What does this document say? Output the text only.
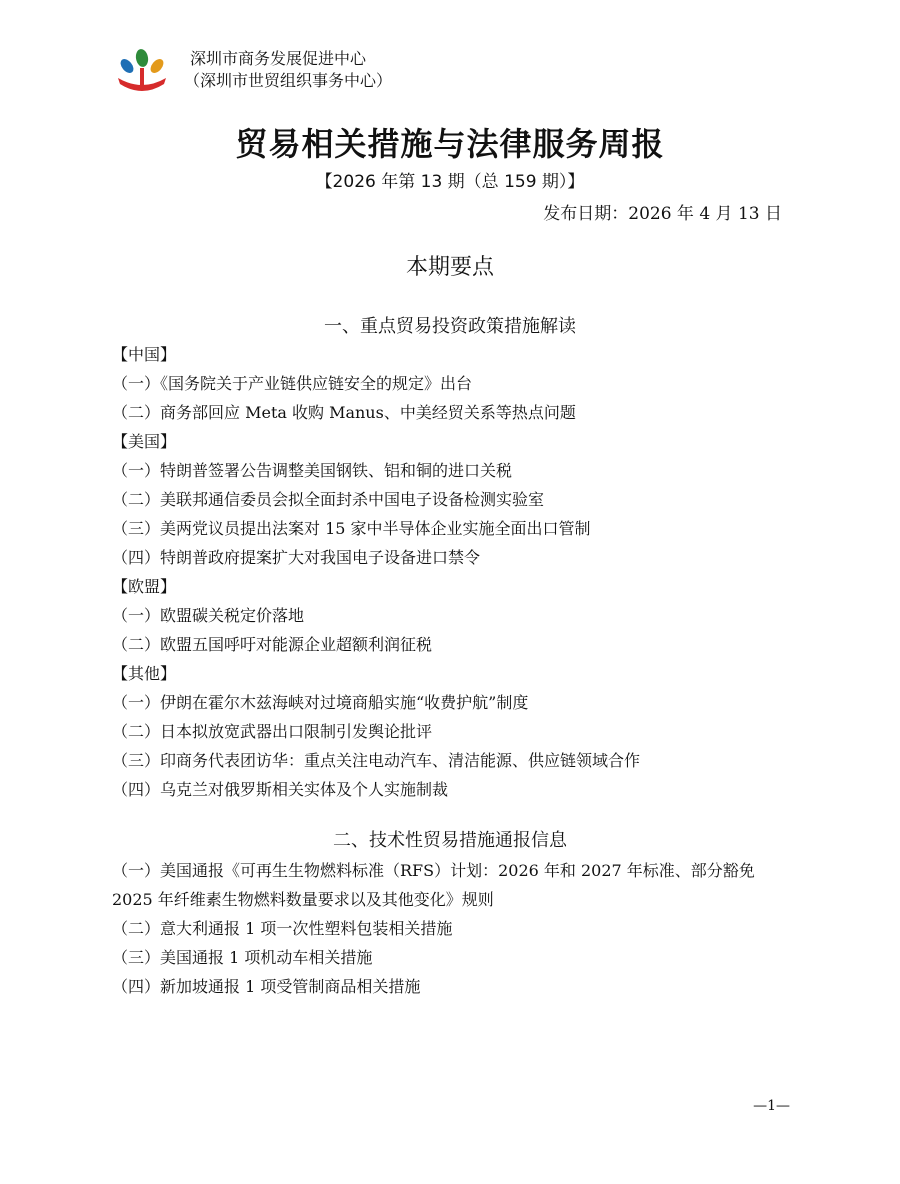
深圳市商务发展促进中心
（深圳市世贸组织事务中心）
贸易相关措施与法律服务周报
【2026 年第 13 期（总 159 期）】
发布日期：2026 年 4 月 13 日
本期要点
一、重点贸易投资政策措施解读
【中国】
（一）《国务院关于产业链供应链安全的规定》出台
（二）商务部回应 Meta 收购 Manus、中美经贸关系等热点问题
【美国】
（一）特朗普签署公告调整美国钢铁、铝和铜的进口关税
（二）美联邦通信委员会拟全面封杀中国电子设备检测实验室
（三）美两党议员提出法案对 15 家中半导体企业实施全面出口管制
（四）特朗普政府提案扩大对我国电子设备进口禁令
【欧盟】
（一）欧盟碳关税定价落地
（二）欧盟五国呼吁对能源企业超额利润征税
【其他】
（一）伊朗在霍尔木兹海峡对过境商船实施“收费护航”制度
（二）日本拟放宽武器出口限制引发舆论批评
（三）印商务代表团访华：重点关注电动汽车、清洁能源、供应链领域合作
（四）乌克兰对俄罗斯相关实体及个人实施制裁
二、技术性贸易措施通报信息
（一）美国通报《可再生生物燃料标准（RFS）计划：2026 年和 2027 年标准、部分豁免 2025 年纤维素生物燃料数量要求以及其他变化》规则
（二）意大利通报 1 项一次性塑料包装相关措施
（三）美国通报 1 项机动车相关措施
（四）新加坡通报 1 项受管制商品相关措施
—1—
